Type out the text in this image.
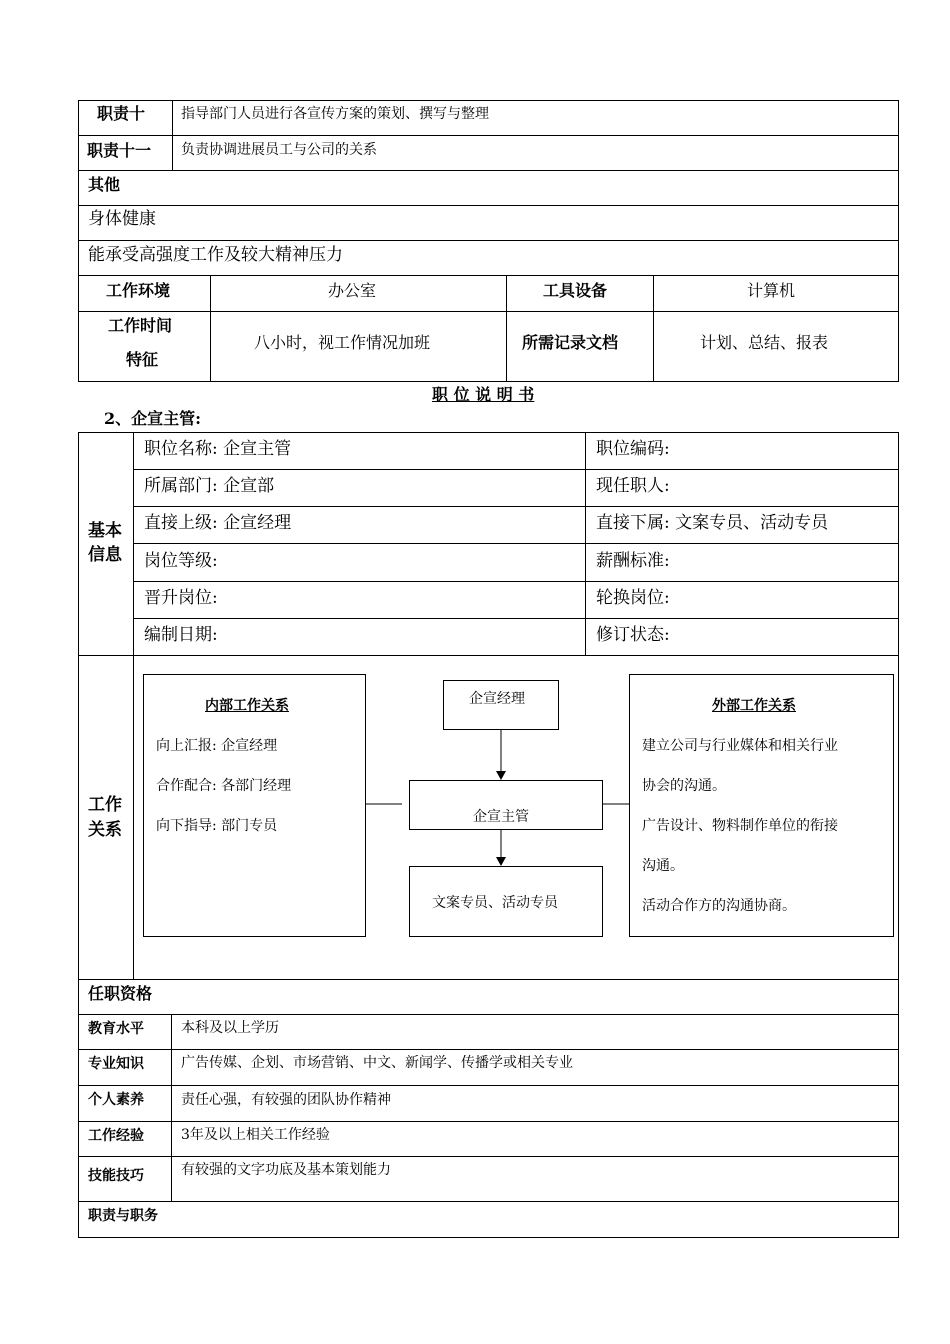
职责十	指导部门人员进行各宣传方案的策划、撰写与整理
职责十一 负责协调进展员工与公司的关系
其他
身体健康
能承受高强度工作及较大精神压力
工作环境	办公室	工具设备	计算机
工作时间
特征
八小时，视工作情况加班	所需记录文档	计划、总结、报表
职 位 说 明 书
2、企宣主管:
基本
信息
职位名称: 企宣主管	职位编码:
所属部门: 企宣部	现任职人:
直接上级: 企宣经理	直接下属: 文案专员、活动专员
岗位等级:	薪酬标准:
晋升岗位:	轮换岗位:
编制日期:	修订状态:
工作
关系
内部工作关系
向上汇报: 企宣经理
合作配合: 各部门经理
向下指导: 部门专员
企宣经理
企宣主管
文案专员、活动专员
外部工作关系
建立公司与行业媒体和相关行业
协会的沟通。
广告设计、物料制作单位的衔接
沟通。
活动合作方的沟通协商。
任职资格
教育水平	本科及以上学历
专业知识	广告传媒、企划、市场营销、中文、新闻学、传播学或相关专业
个人素养	责任心强，有较强的团队协作精神
工作经验	3年及以上相关工作经验
技能技巧	有较强的文字功底及基本策划能力
职责与职务
